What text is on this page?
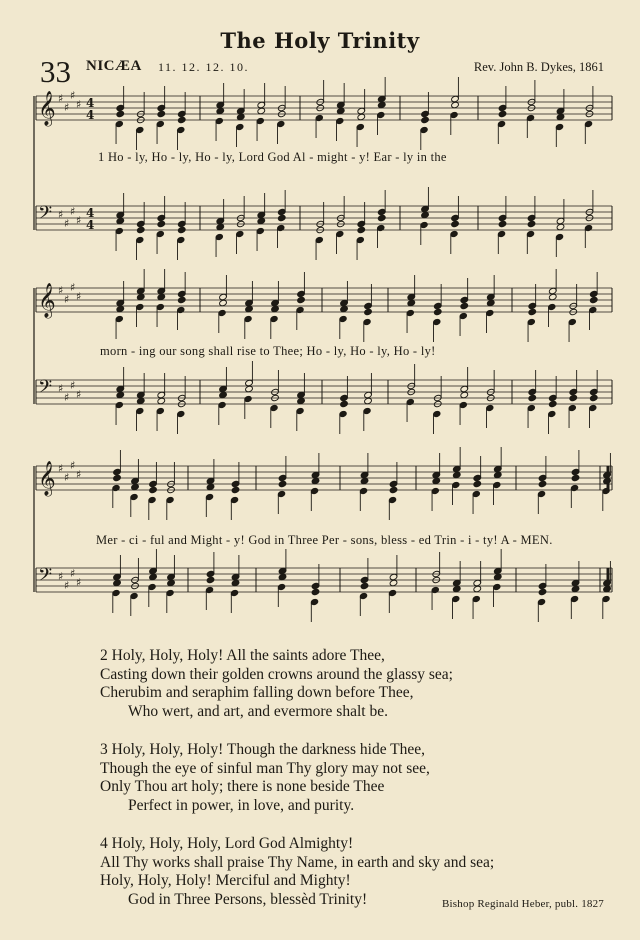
The Holy Trinity
33 NICÆA 11. 12. 12. 10.	Rev. John B. Dykes, 1861
𝄞 ♯
♯
♯
♯ 4
4
𝄢 ♯
♯
♯
♯
4
4
𝄞 ♯
♯
♯
♯
𝄢 ♯
♯
♯
♯
𝄞 ♯
♯
♯
♯
𝄢 ♯
♯
♯
♯
1 Ho - ly, Ho - ly, Ho - ly, Lord God Al - might - y! Ear - ly in the
morn - ing our song shall rise to Thee; Ho - ly, Ho - ly, Ho - ly!
Mer - ci - ful and Might - y! God in Three Per - sons, bless - ed Trin - i - ty! A - MEN.
2 Holy, Holy, Holy! All the saints adore Thee,
Casting down their golden crowns around the glassy sea;
Cherubim and seraphim falling down before Thee,
Who wert, and art, and evermore shalt be.
3 Holy, Holy, Holy! Though the darkness hide Thee,
Though the eye of sinful man Thy glory may not see,
Only Thou art holy; there is none beside Thee
Perfect in power, in love, and purity.
4 Holy, Holy, Holy, Lord God Almighty!
All Thy works shall praise Thy Name, in earth and sky and sea;
Holy, Holy, Holy! Merciful and Mighty!
God in Three Persons, blessèd Trinity!	Bishop Reginald Heber, publ. 1827
